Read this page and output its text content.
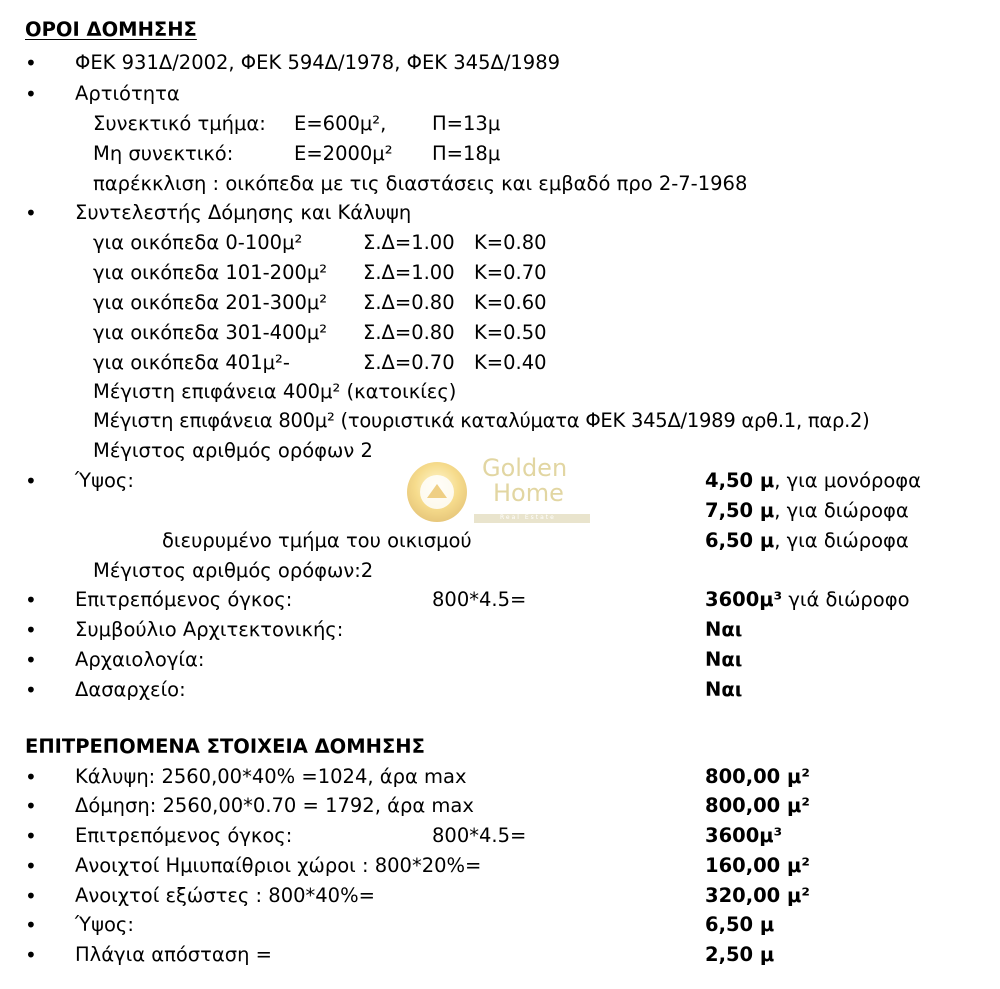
Golden
Home
Real Estate
ΟΡΟΙ ΔΟΜΗΣΗΣ
•	ΦΕΚ 931Δ/2002, ΦΕΚ 594Δ/1978, ΦΕΚ 345Δ/1989
•	Αρτιότητα
Συνεκτικό τμήμα: Ε=600μ², Π=13μ
Μη συνεκτικό:	Ε=2000μ² Π=18μ
παρέκκλιση : οικόπεδα με τις διαστάσεις και εμβαδό προ 2-7-1968
•	Συντελεστής Δόμησης και Κάλυψη
για οικόπεδα 0-100μ²	Σ.Δ=1.00 Κ=0.80
για οικόπεδα 101-200μ² Σ.Δ=1.00 Κ=0.70
για οικόπεδα 201-300μ² Σ.Δ=0.80 Κ=0.60
για οικόπεδα 301-400μ² Σ.Δ=0.80 Κ=0.50
για οικόπεδα 401μ²-	Σ.Δ=0.70 Κ=0.40
Μέγιστη επιφάνεια 400μ² (κατοικίες)
Μέγιστη επιφάνεια 800μ² (τουριστικά καταλύματα ΦΕΚ 345Δ/1989 αρθ.1, παρ.2)
Μέγιστος αριθμός ορόφων 2
•	Ύψος:	4,50 μ, για μονόροφα
7,50 μ, για διώροφα
διευρυμένο τμήμα του οικισμού	6,50 μ, για διώροφα
Μέγιστος αριθμός ορόφων:2
•	Επιτρεπόμενος όγκος:	800*4.5=	3600μ³ γιά διώροφο
•	Συμβούλιο Αρχιτεκτονικής:	Ναι
•	Αρχαιολογία:	Ναι
•	Δασαρχείο:	Ναι
ΕΠΙΤΡΕΠΟΜΕΝΑ ΣΤΟΙΧΕΙΑ ΔΟΜΗΣΗΣ
•	Κάλυψη: 2560,00*40% =1024, άρα max	800,00 μ²
•	Δόμηση: 2560,00*0.70 = 1792, άρα max	800,00 μ²
•	Επιτρεπόμενος όγκος:	800*4.5=	3600μ³
•	Ανοιχτοί Ημιυπαίθριοι χώροι : 800*20%=	160,00 μ²
•	Ανοιχτοί εξώστες : 800*40%=	320,00 μ²
•	Ύψος:	6,50 μ
•	Πλάγια απόσταση =	2,50 μ
